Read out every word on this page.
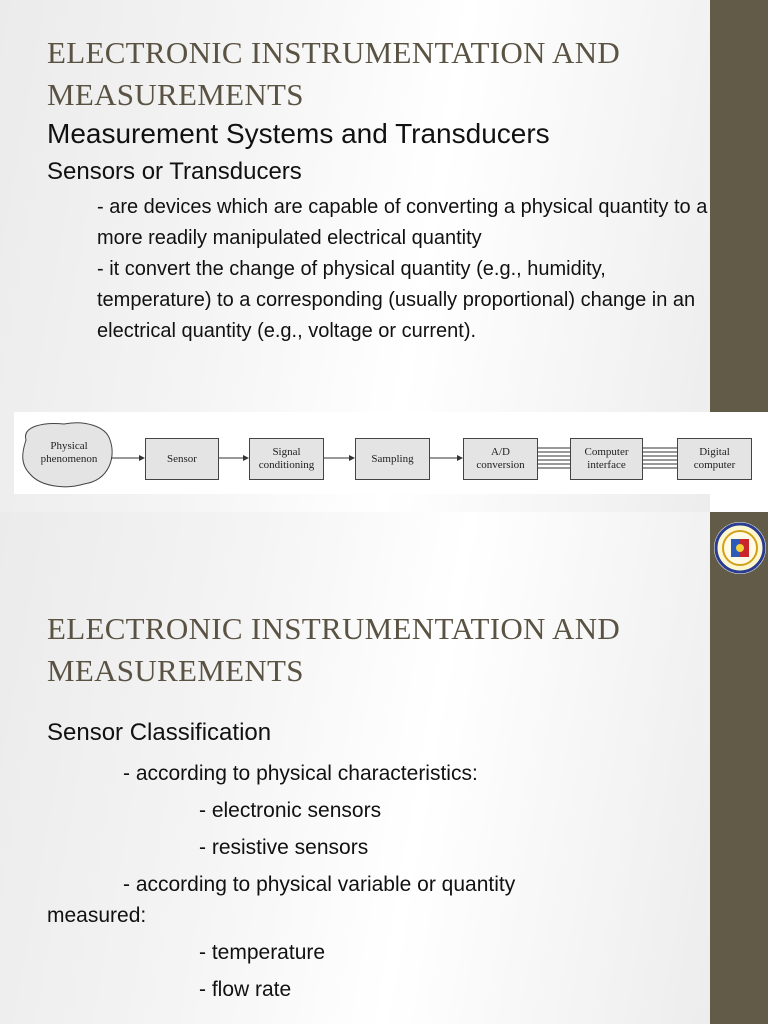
ELECTRONIC INSTRUMENTATION AND
MEASUREMENTS
Measurement Systems and Transducers
Sensors or Transducers
- are devices which are capable of converting a physical quantity to a more readily manipulated electrical quantity
- it convert the change of physical quantity (e.g., humidity, temperature) to a corresponding (usually proportional) change in an electrical quantity (e.g., voltage or current).
Physical
phenomenon	Sensor
Signal
conditioning
Sampling
A/D
conversion
Computer
interface
Digital
computer
ELECTRONIC INSTRUMENTATION AND
MEASUREMENTS
Sensor Classification
- according to physical characteristics:
- electronic sensors
- resistive sensors
- according to physical variable or quantity
measured:
- temperature
- flow rate
